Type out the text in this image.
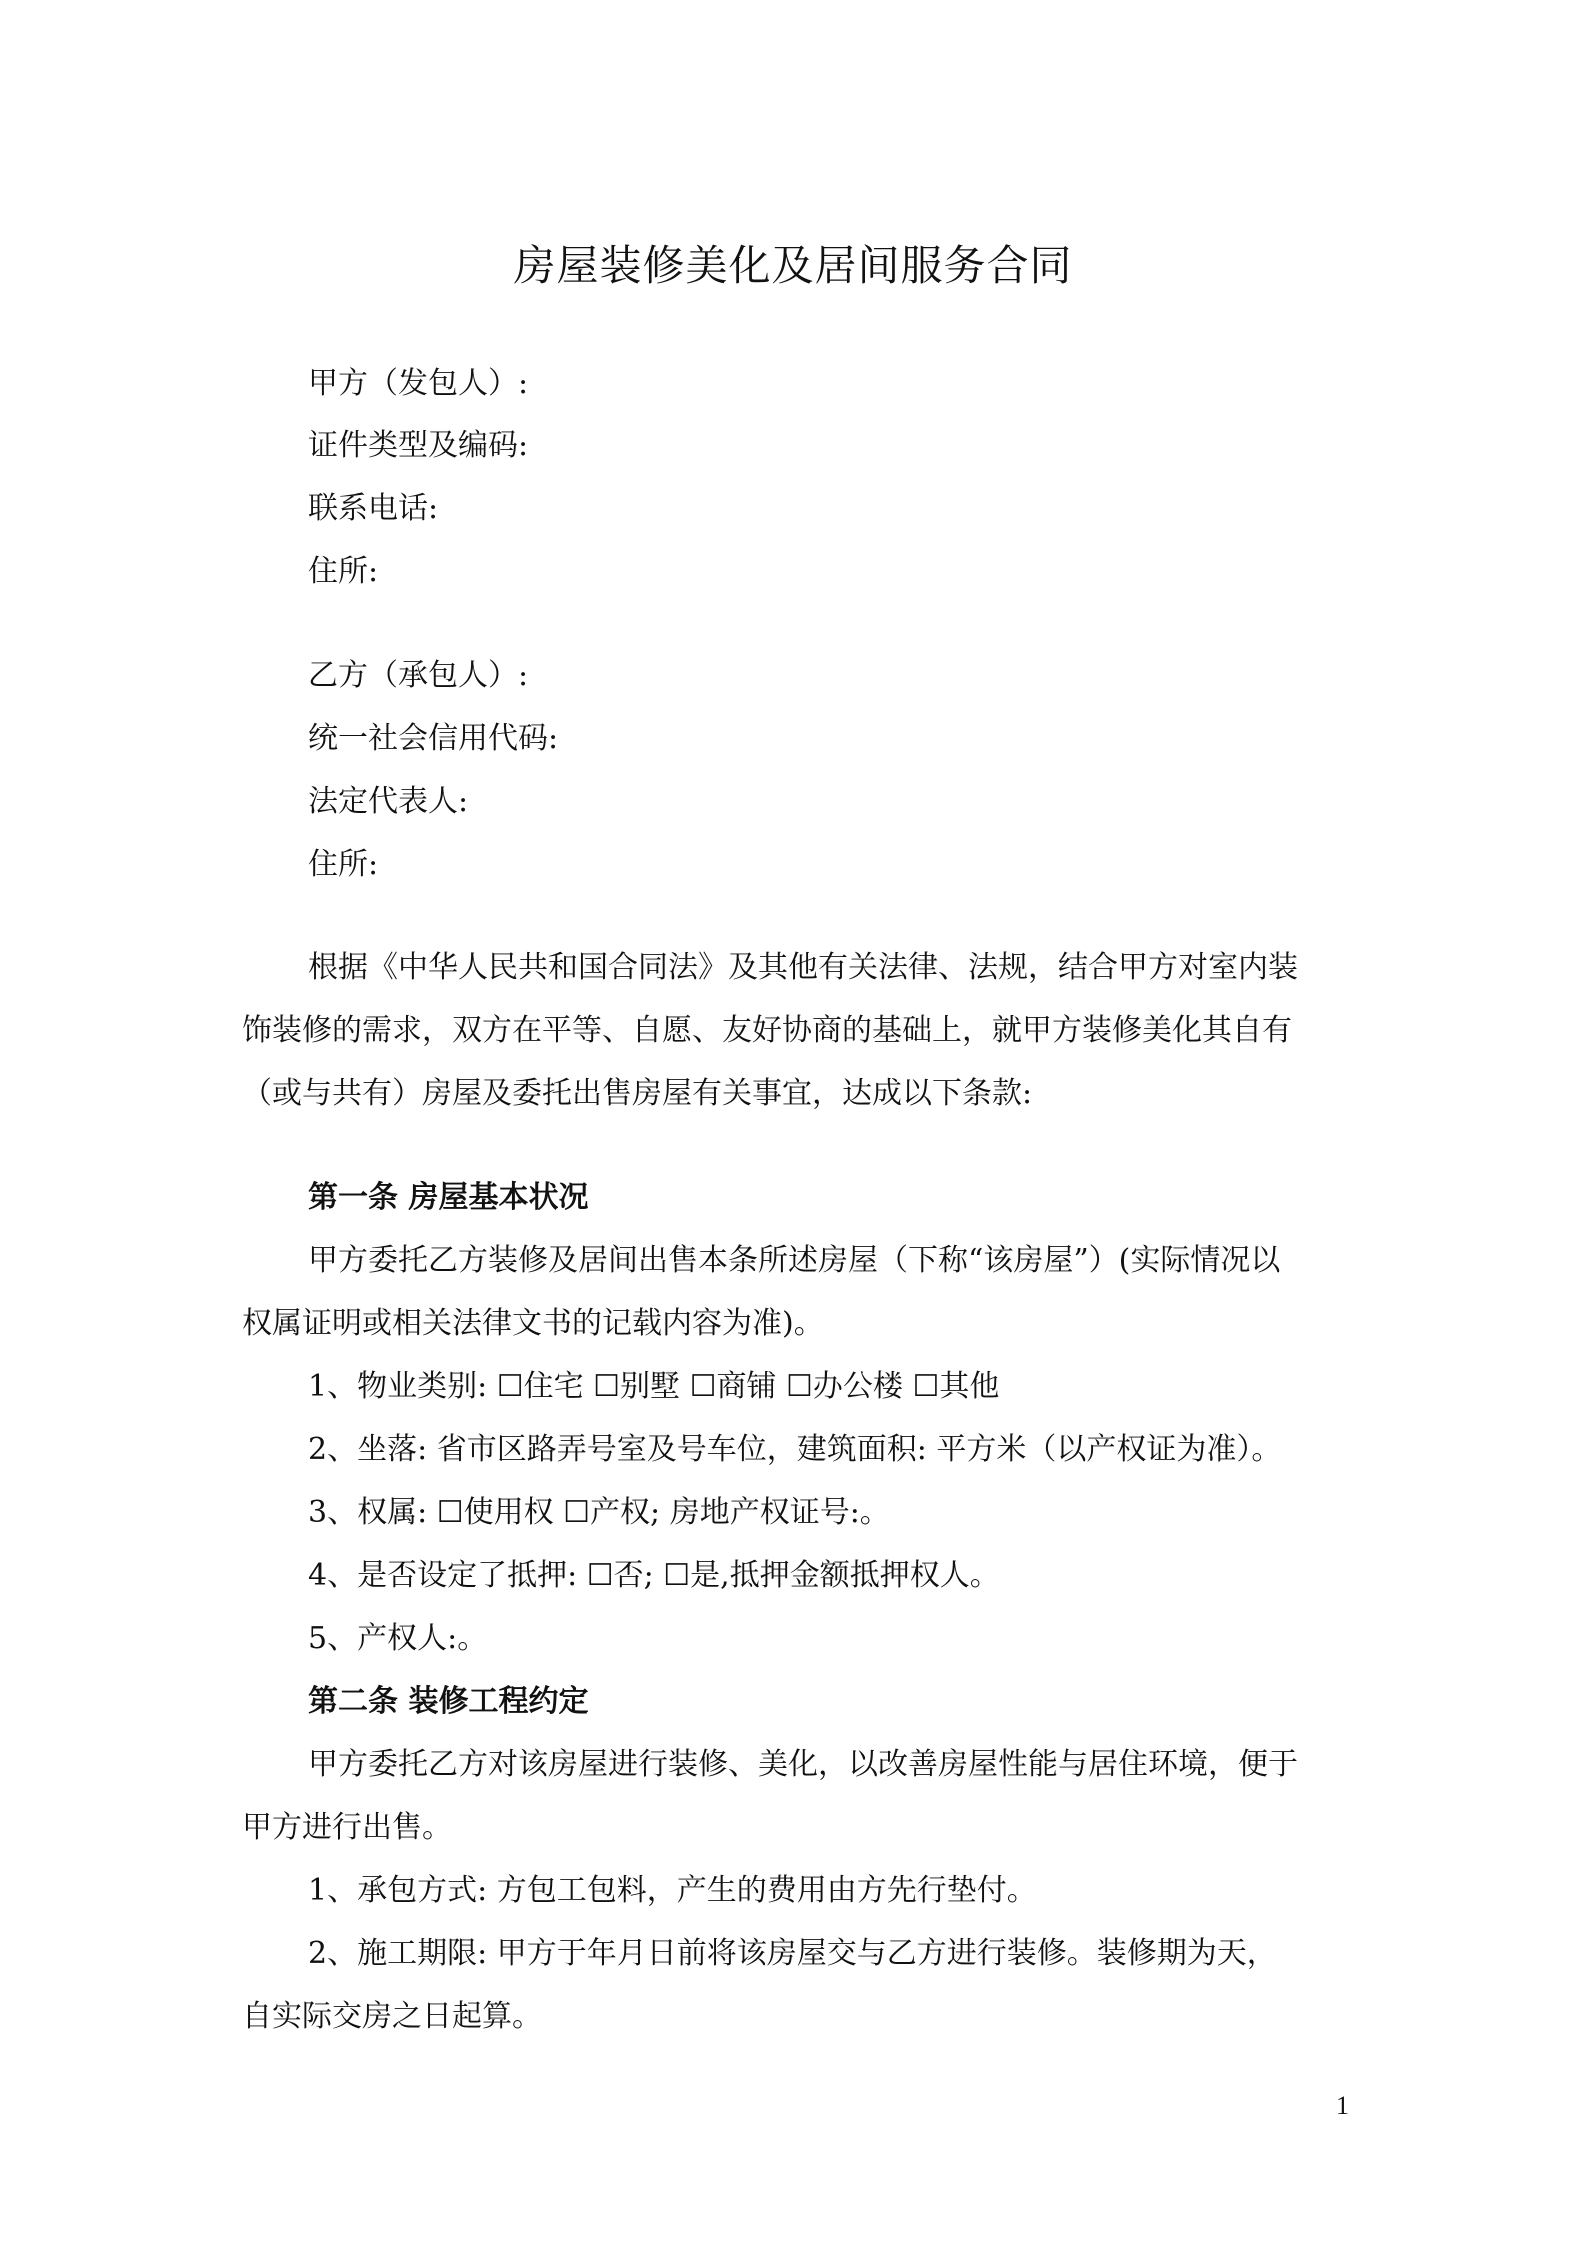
房屋装修美化及居间服务合同
甲方（发包人）:
证件类型及编码:
联系电话:
住所:
乙方（承包人）:
统一社会信用代码:
法定代表人:
住所:
根据《中华人民共和国合同法》及其他有关法律、法规，结合甲方对室内装
饰装修的需求，双方在平等、自愿、友好协商的基础上，就甲方装修美化其自有
（或与共有）房屋及委托出售房屋有关事宜，达成以下条款:
第一条 房屋基本状况
甲方委托乙方装修及居间出售本条所述房屋（下称“该房屋”）(实际情况以
权属证明或相关法律文书的记载内容为准)。
1、物业类别: ☐住宅 ☐别墅 ☐商铺 ☐办公楼 ☐其他
2、坐落: 省市区路弄号室及号车位，建筑面积: 平方米（以产权证为准）。
3、权属: ☐使用权 ☐产权; 房地产权证号:。
4、是否设定了抵押: ☐否; ☐是,抵押金额抵押权人。
5、产权人:。
第二条 装修工程约定
甲方委托乙方对该房屋进行装修、美化，以改善房屋性能与居住环境，便于
甲方进行出售。
1、承包方式: 方包工包料，产生的费用由方先行垫付。
2、施工期限: 甲方于年月日前将该房屋交与乙方进行装修。装修期为天，
自实际交房之日起算。
1
